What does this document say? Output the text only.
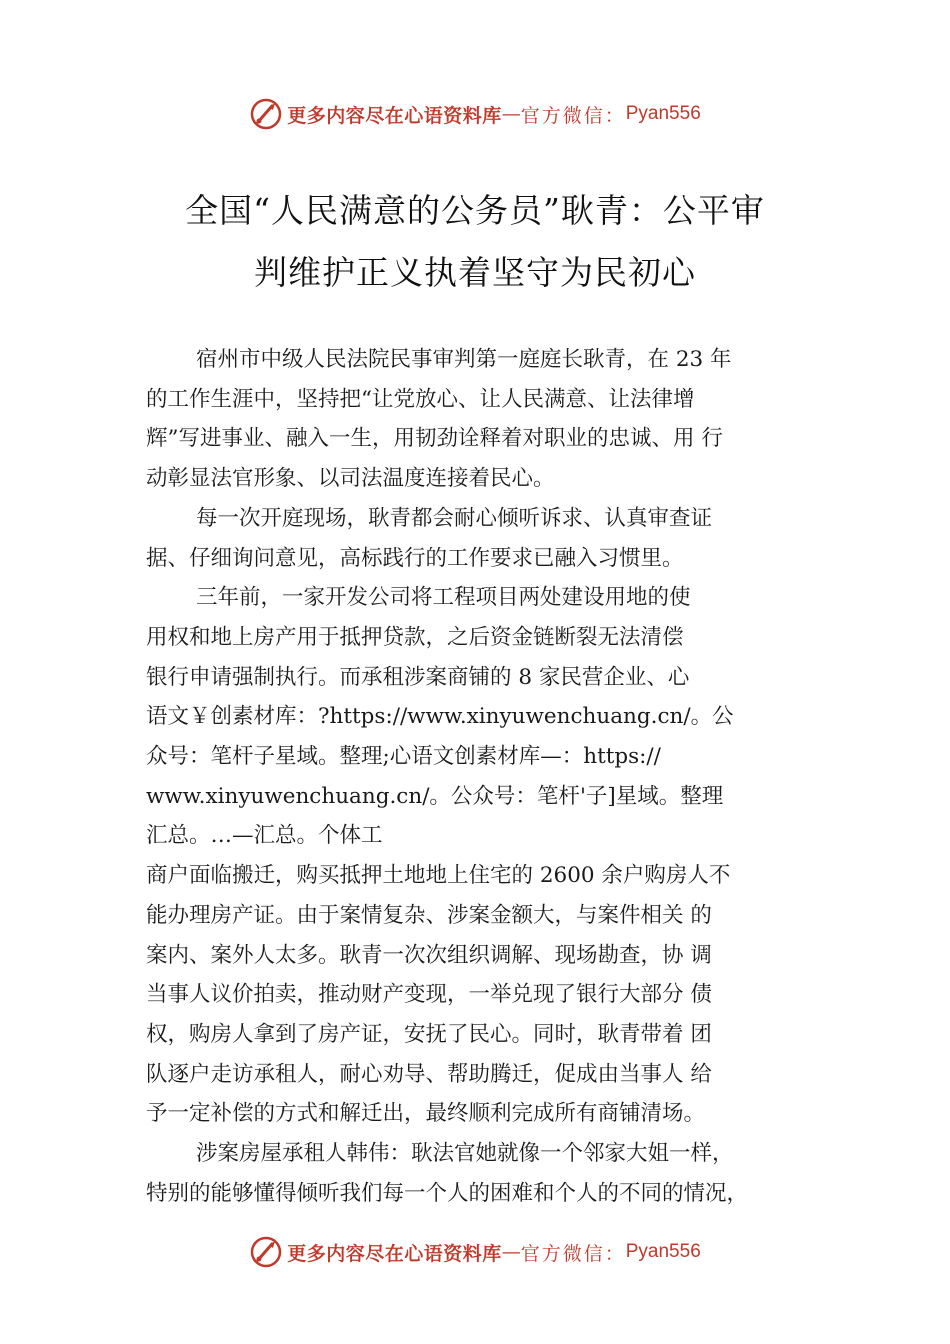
更多内容尽在心语资料库 — 官方微信： Pyan556
全国“人民满意的公务员”耿青：公平审
判维护正义执着坚守为民初心
宿州市中级人民法院民事审判第一庭庭长耿青，在 23 年
的工作生涯中，坚持把“让党放心、让人民满意、让法律增
辉”写进事业、融入一生，用韧劲诠释着对职业的忠诚、用 行
动彰显法官形象、以司法温度连接着民心。
每一次开庭现场，耿青都会耐心倾听诉求、认真审查证
据、仔细询问意见，高标践行的工作要求已融入习惯里。
三年前，一家开发公司将工程项目两处建设用地的使
用权和地上房产用于抵押贷款，之后资金链断裂无法清偿
银行申请强制执行。而承租涉案商铺的 8 家民营企业、心
语文￥创素材库：?https://www.xinyuwenchuang.cn/。公
众号：笔杆子星域。整理;心语文创素材库—：https://
www.xinyuwenchuang.cn/。公众号：笔杆'子]星域。整理
汇总。…—汇总。个体工
商户面临搬迁，购买抵押土地地上住宅的 2600 余户购房人不
能办理房产证。由于案情复杂、涉案金额大，与案件相关 的
案内、案外人太多。耿青一次次组织调解、现场勘查，协 调
当事人议价拍卖，推动财产变现，一举兑现了银行大部分 债
权，购房人拿到了房产证，安抚了民心。同时，耿青带着 团
队逐户走访承租人，耐心劝导、帮助腾迁，促成由当事人 给
予一定补偿的方式和解迁出，最终顺利完成所有商铺清场。
涉案房屋承租人韩伟：耿法官她就像一个邻家大姐一样，
特别的能够懂得倾听我们每一个人的困难和个人的不同的情况，
更多内容尽在心语资料库 — 官方微信： Pyan556
